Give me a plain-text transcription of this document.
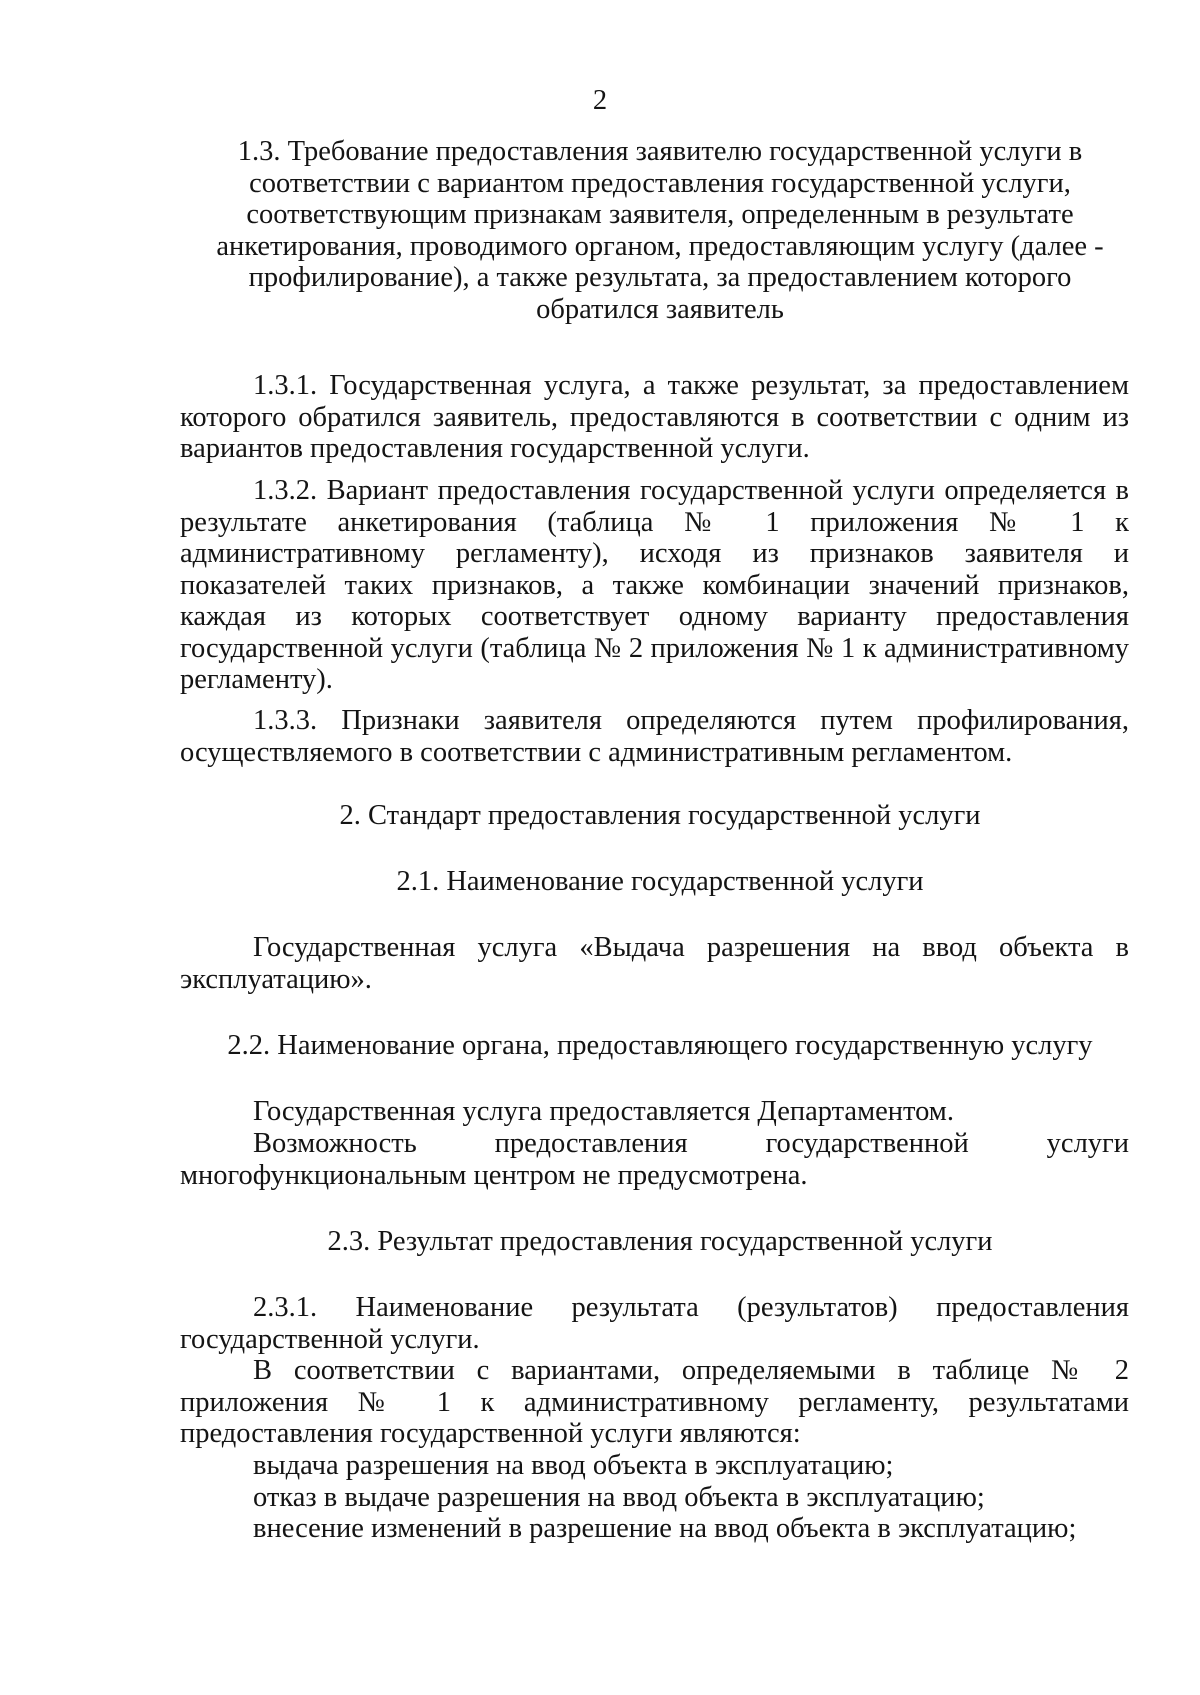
2
1.3. Требование предоставления заявителю государственной услуги в
соответствии с вариантом предоставления государственной услуги,
соответствующим признакам заявителя, определенным в результате
анкетирования, проводимого органом, предоставляющим услугу (далее -
профилирование), а также результата, за предоставлением которого
обратился заявитель
1.3.1. Государственная услуга, а также результат, за предоставлением
которого обратился заявитель, предоставляются в соответствии с одним из
вариантов предоставления государственной услуги.
1.3.2. Вариант предоставления государственной услуги определяется в
результате анкетирования (таблица № 1 приложения № 1 к
административному регламенту), исходя из признаков заявителя и
показателей таких признаков, а также комбинации значений признаков,
каждая из которых соответствует одному варианту предоставления
государственной услуги (таблица № 2 приложения № 1 к административному
регламенту).
1.3.3. Признаки заявителя определяются путем профилирования,
осуществляемого в соответствии с административным регламентом.
2. Стандарт предоставления государственной услуги
2.1. Наименование государственной услуги
Государственная услуга «Выдача разрешения на ввод объекта в
эксплуатацию».
2.2. Наименование органа, предоставляющего государственную услугу
Государственная услуга предоставляется Департаментом.
Возможность предоставления государственной услуги
многофункциональным центром не предусмотрена.
2.3. Результат предоставления государственной услуги
2.3.1. Наименование результата (результатов) предоставления
государственной услуги.
В соответствии с вариантами, определяемыми в таблице № 2
приложения № 1 к административному регламенту, результатами
предоставления государственной услуги являются:
выдача разрешения на ввод объекта в эксплуатацию;
отказ в выдаче разрешения на ввод объекта в эксплуатацию;
внесение изменений в разрешение на ввод объекта в эксплуатацию;
